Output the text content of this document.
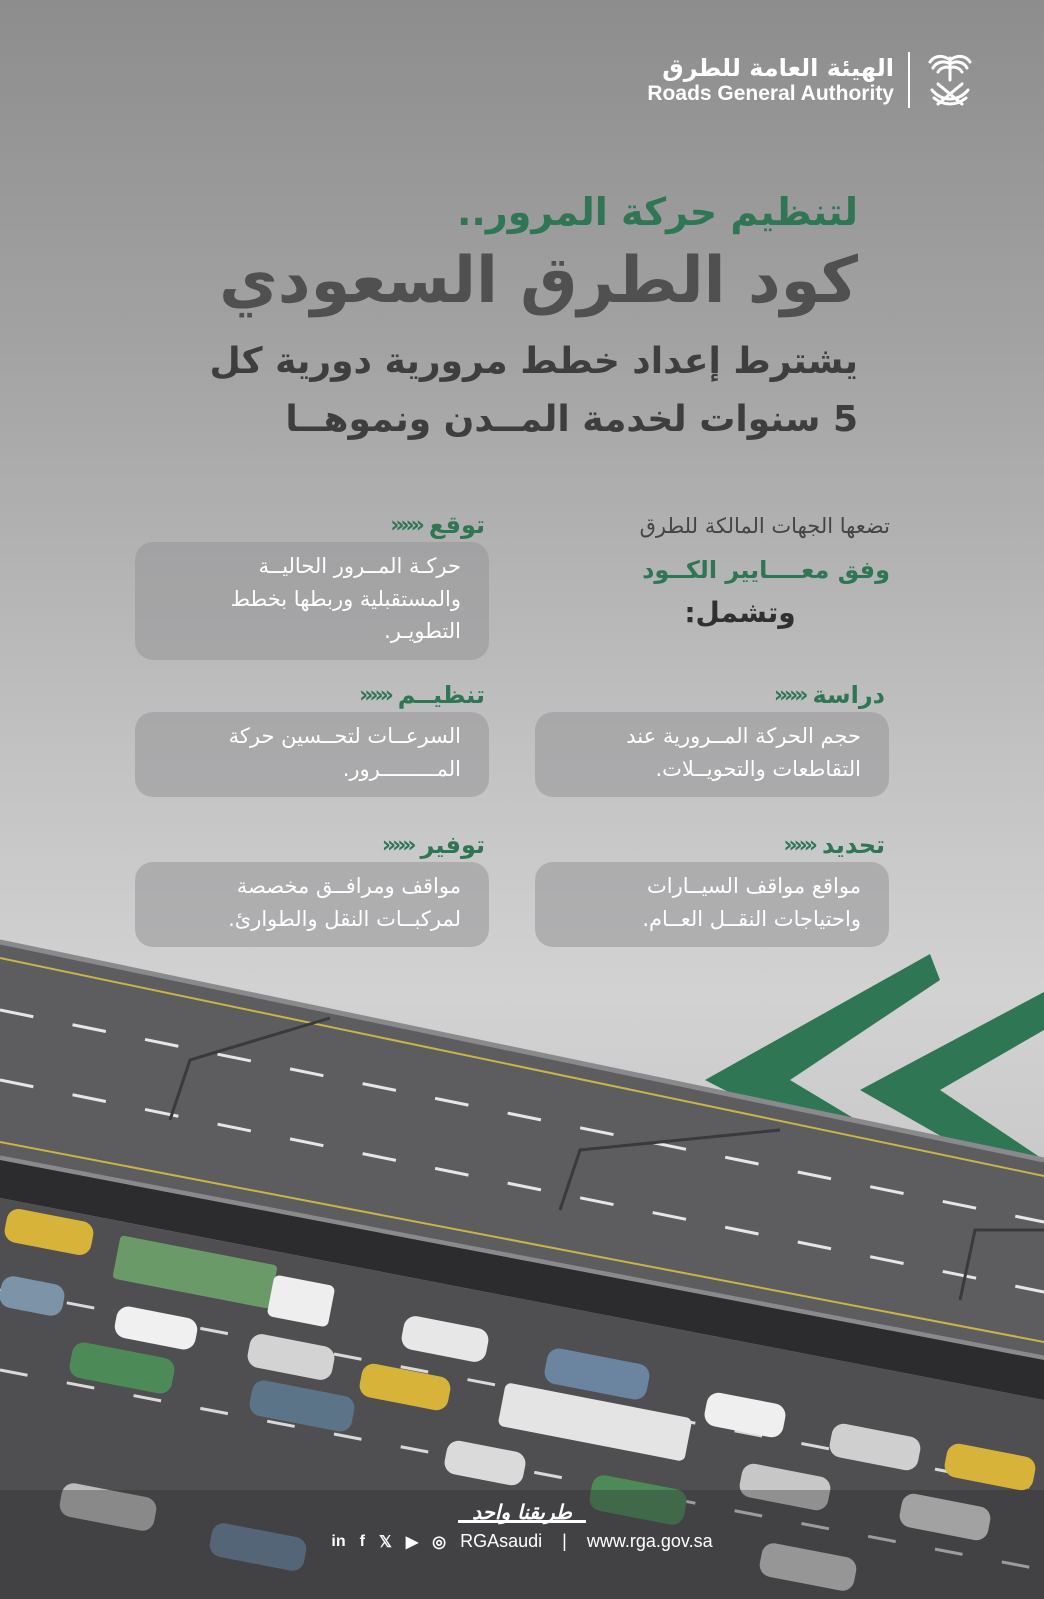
الهيئة العامة للطرق
Roads General Authority
لتنظيم حركة المرور..
كود الطرق السعودي
يشترط إعداد خطط مرورية دورية كل
5 سنوات لخدمة المــدن ونموهــا
تضعها الجهات المالكة للطرق
وفق معــــايير الكــود
وتشمل:
توقع
«««
حركـة المــرور الحاليــة والمستقبلية وربطها بخطط التطويـر.
دراسة
«««
حجم الحركة المــرورية عند التقاطعات والتحويــلات.
تنظيــم
«««
السرعــات لتحــسين حركة المـــــــــرور.
تحديد
«««
مواقع مواقف السيــارات واحتياجات النقــل العــام.
توفير
«««
مواقف ومرافــق مخصصة لمركبــات النقل والطوارئ.
طريقنا واحد
in f 𝕏 ▶ ◎ RGAsaudi | www.rga.gov.sa
